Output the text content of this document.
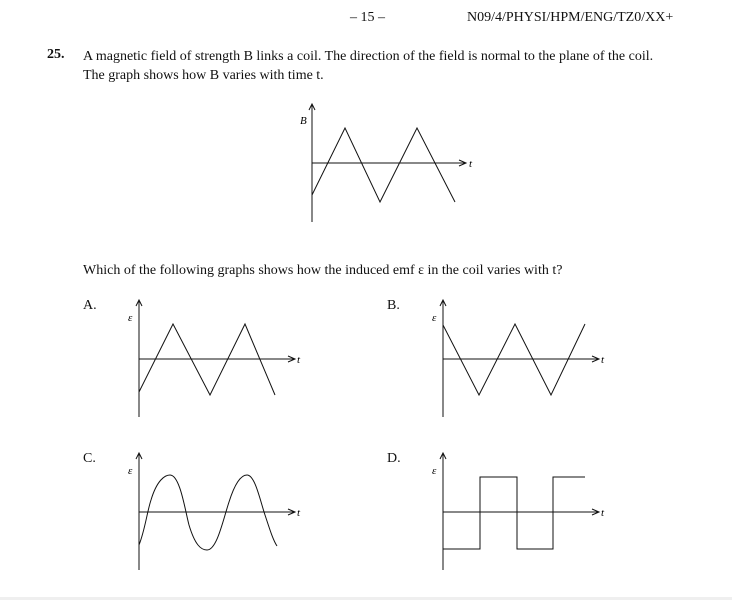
– 15 –	N09/4/PHYSI/HPM/ENG/TZ0/XX+
25. A magnetic field of strength B links a coil. The direction of the field is normal to the plane of the coil.
The graph shows how B varies with time t.
B
t
Which of the following graphs shows how the induced emf ε in the coil varies with t?
A.	B.
C.	D.
ε
t
ε
t
ε
t
ε
t
